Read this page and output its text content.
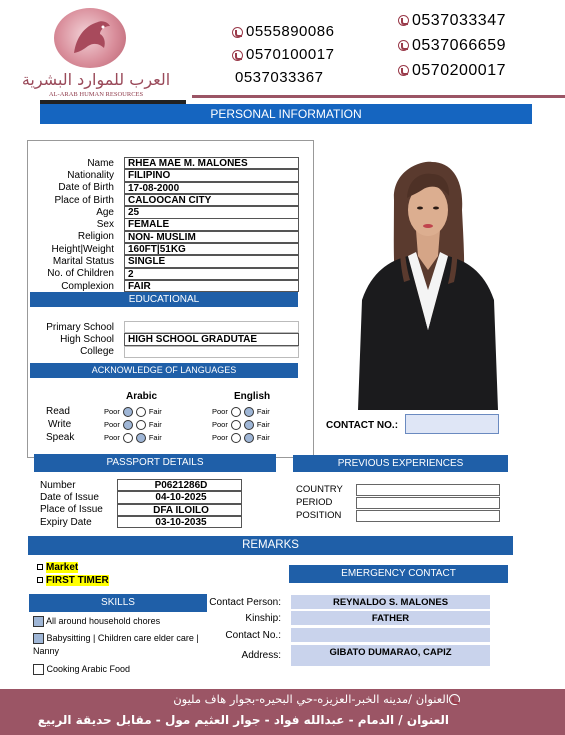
العرب للموارد البشرية
AL-ARAB HUMAN RESOURCES
0555890086
0570100017
0537033367
0537033347
0537066659
0570200017
PERSONAL INFORMATION
Name	RHEA MAE M. MALONES
Nationality	FILIPINO
Date of Birth	17-08-2000
Place of Birth	CALOOCAN CITY
Age	25
Sex	FEMALE
Religion	NON- MUSLIM
Height|Weight	160FT|51KG
Marital Status	SINGLE
No. of Children	2
Complexion	FAIR
EDUCATIONAL
Primary School
High School	HIGH SCHOOL GRADUTAE
College
ACKNOWLEDGE OF LANGUAGES
Arabic	English
Read	Poor	Fair	Poor	Fair
Write	Poor	Fair	Poor	Fair
Speak	Poor	Fair	Poor	Fair
CONTACT NO.:
PASSPORT DETAILS
Number	P0621286D
Date of Issue	04-10-2025
Place of Issue	DFA ILOILO
Expiry Date	03-10-2035
PREVIOUS EXPERIENCES
COUNTRY
PERIOD
POSITION
REMARKS
Market
FIRST TIMER
EMERGENCY CONTACT
Contact Person:	REYNALDO S. MALONES
Kinship:	FATHER
Contact No.:
Address:	GIBATO DUMARAO, CAPIZ
SKILLS
All around household chores
Babysitting | Children care elder care | Nanny
Cooking Arabic Food
العنوان /مدينه الخبر-العزيزه-حي البحيره-بجوار هاف مليون
العنوان / الدمام - عبدالله فواد - جوار العثيم مول - مقابل حديقة الربيع
